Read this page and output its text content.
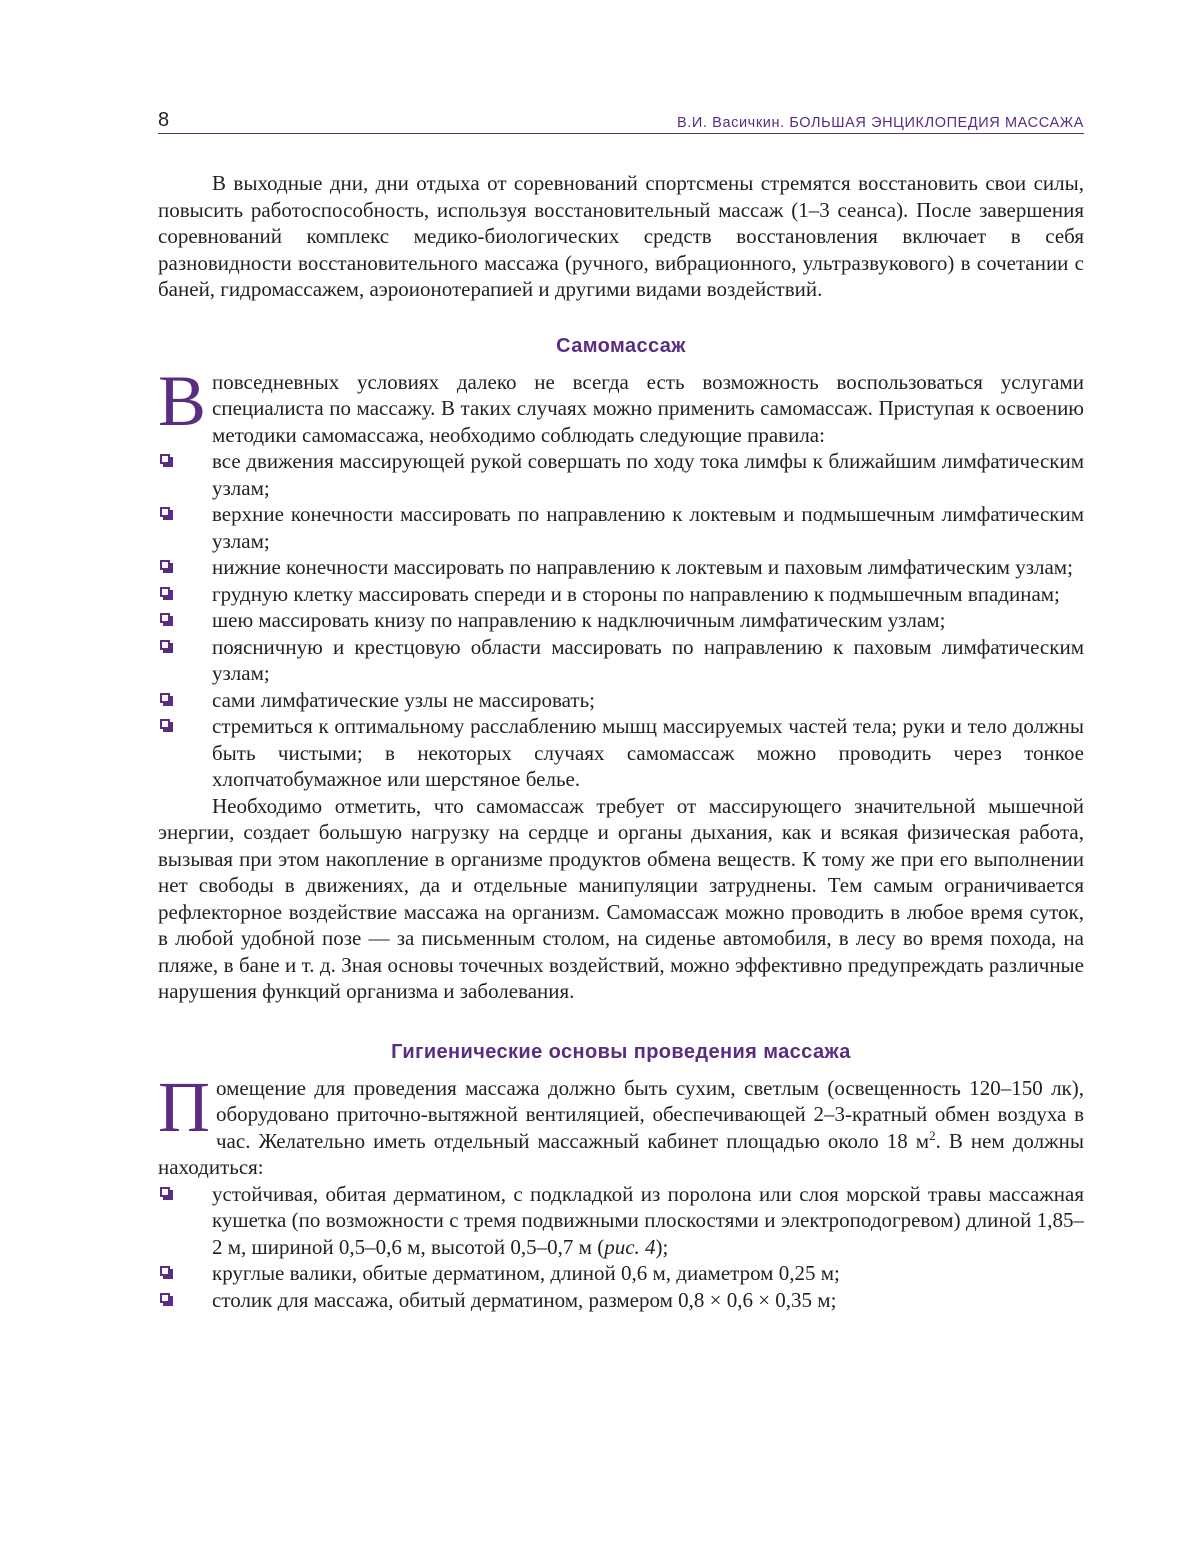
8	В.И. Васичкин. БОЛЬШАЯ ЭНЦИКЛОПЕДИЯ МАССАЖА

В выходные дни, дни отдыха от соревнований спортсмены стремятся восстановить свои силы, повысить работоспособность, используя восстановительный массаж (1–3 сеанса). После завершения соревнований комплекс медико-биологических средств восстановления включает в себя разновидности восстановительного массажа (ручного, вибрационного, ультразвукового) в сочетании с баней, гидромассажем, аэроионотерапией и другими видами воздействий.

Самомассаж

Вповседневных условиях далеко не всегда есть возможность воспользоваться услугами специалиста по массажу. В таких случаях можно применить самомассаж. Приступая к освоению методики самомассажа, необходимо соблюдать следующие правила:

все движения массирующей рукой совершать по ходу тока лимфы к ближайшим лимфатическим узлам;
верхние конечности массировать по направлению к локтевым и подмышечным лимфатическим узлам;
нижние конечности массировать по направлению к локтевым и паховым лимфатическим узлам;
грудную клетку массировать спереди и в стороны по направлению к подмышечным впадинам;
шею массировать книзу по направлению к надключичным лимфатическим узлам;
поясничную и крестцовую области массировать по направлению к паховым лимфатическим узлам;
сами лимфатические узлы не массировать;
стремиться к оптимальному расслаблению мышц массируемых частей тела; руки и тело должны быть чистыми; в некоторых случаях самомассаж можно проводить через тонкое хлопчатобумажное или шерстяное белье.

Необходимо отметить, что самомассаж требует от массирующего значительной мышечной энергии, создает большую нагрузку на сердце и органы дыхания, как и всякая физическая работа, вызывая при этом накопление в организме продуктов обмена веществ. К тому же при его выполнении нет свободы в движениях, да и отдельные манипуляции затруднены. Тем самым ограничивается рефлекторное воздействие массажа на организм. Самомассаж можно проводить в любое время суток, в любой удобной позе — за письменным столом, на сиденье автомобиля, в лесу во время похода, на пляже, в бане и т. д. Зная основы точечных воздействий, можно эффективно предупреждать различные нарушения функций организма и заболевания.

Гигиенические основы проведения массажа

Помещение для проведения массажа должно быть сухим, светлым (освещенность 120–150 лк), оборудовано приточно-вытяжной вентиляцией, обеспечивающей 2–3-кратный обмен воздуха в час. Желательно иметь отдельный массажный кабинет площадью около 18 $м^2$. В нем должны находиться:

устойчивая, обитая дерматином, с подкладкой из поролона или слоя морской травы массажная кушетка (по возможности с тремя подвижными плоскостями и электроподогревом) длиной 1,85–2 м, шириной 0,5–0,6 м, высотой 0,5–0,7 м (рис. 4);
круглые валики, обитые дерматином, длиной 0,6 м, диаметром 0,25 м;
столик для массажа, обитый дерматином, размером 0,8 × 0,6 × 0,35 м;
